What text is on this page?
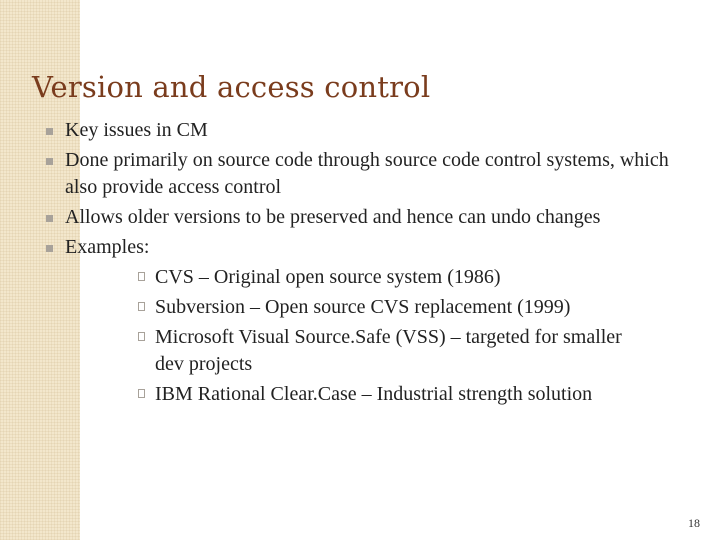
Version and access control
Key issues in CM
Done primarily on source code through source code control systems, which also provide access control
Allows older versions to be preserved and hence can undo changes
Examples:
CVS – Original open source system (1986)
Subversion – Open source CVS replacement (1999)
Microsoft Visual Source.Safe (VSS) – targeted for smaller dev projects
IBM Rational Clear.Case – Industrial strength solution
18
